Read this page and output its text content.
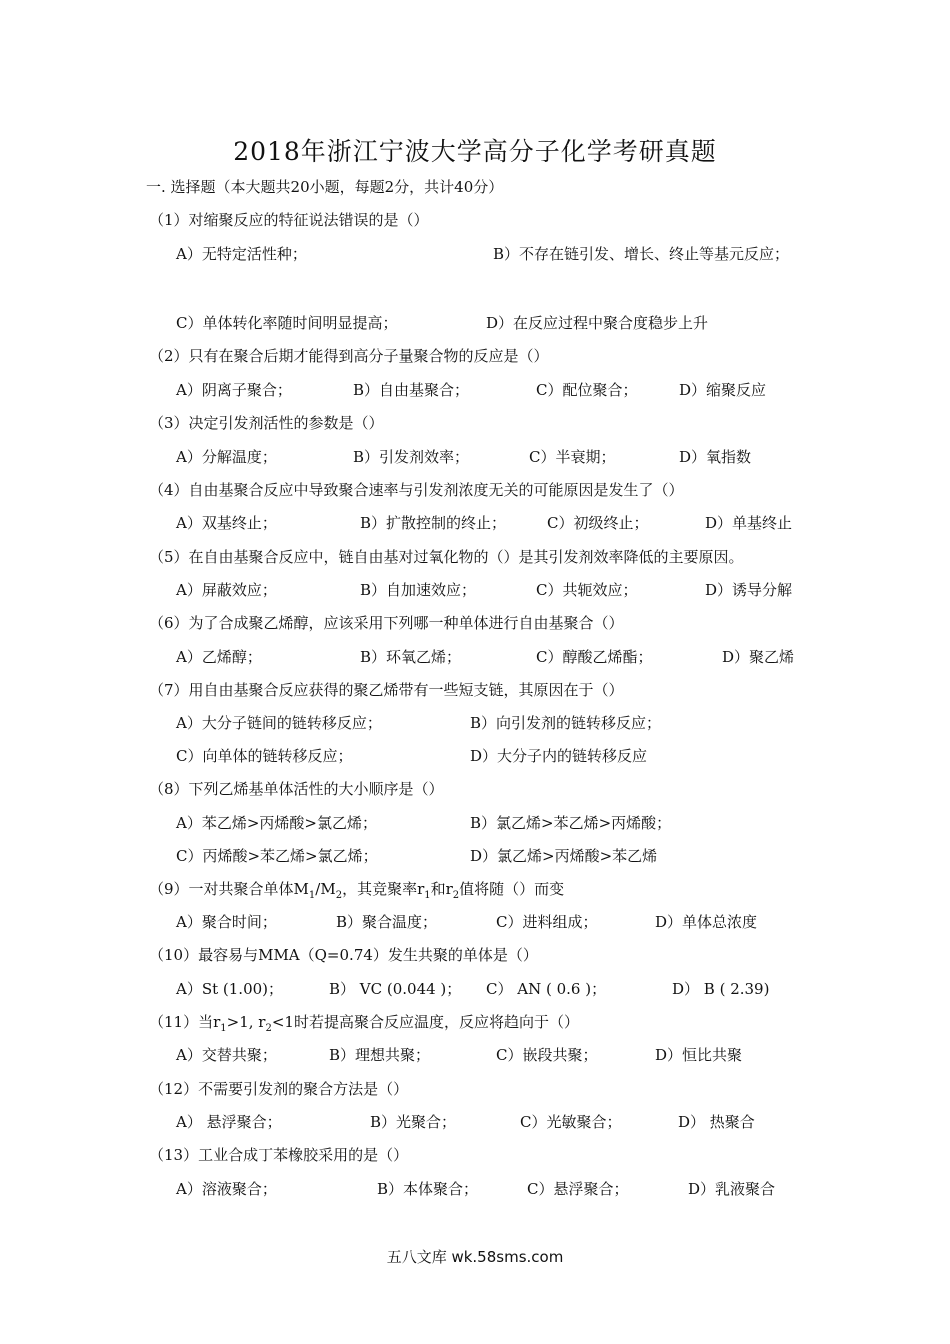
2018年浙江宁波大学高分子化学考研真题
一. 选择题（本大题共20小题，每题2分，共计40分）
（1）对缩聚反应的特征说法错误的是（）
A）无特定活性种；	B）不存在链引发、增长、终止等基元反应；
C）单体转化率随时间明显提高；	D）在反应过程中聚合度稳步上升
（2）只有在聚合后期才能得到高分子量聚合物的反应是（）
A）阴离子聚合；	B）自由基聚合；	C）配位聚合；	D）缩聚反应
（3）决定引发剂活性的参数是（）
A）分解温度；	B）引发剂效率；	C）半衰期；	D）氧指数
（4）自由基聚合反应中导致聚合速率与引发剂浓度无关的可能原因是发生了（）
A）双基终止；	B）扩散控制的终止；	C）初级终止；	D）单基终止
（5）在自由基聚合反应中，链自由基对过氧化物的（）是其引发剂效率降低的主要原因。
A）屏蔽效应；	B）自加速效应；	C）共轭效应；	D）诱导分解
（6）为了合成聚乙烯醇，应该采用下列哪一种单体进行自由基聚合（）
A）乙烯醇；	B）环氧乙烯；	C）醇酸乙烯酯；	D）聚乙烯
（7）用自由基聚合反应获得的聚乙烯带有一些短支链，其原因在于（）
A）大分子链间的链转移反应；	B）向引发剂的链转移反应；
C）向单体的链转移反应；	D）大分子内的链转移反应
（8）下列乙烯基单体活性的大小顺序是（）
A）苯乙烯>丙烯酸>氯乙烯；	B）氯乙烯>苯乙烯>丙烯酸；
C）丙烯酸>苯乙烯>氯乙烯；	D）氯乙烯>丙烯酸>苯乙烯
（9）一对共聚合单体$M_1/M_2$，其竞聚率$r_1$和$r_2$值将随（）而变
A）聚合时间；	B）聚合温度；	C）进料组成；	D）单体总浓度
（10）最容易与MMA（Q=0.74）发生共聚的单体是（）
A）St (1.00)；	B） VC (0.044 )； C） AN ( 0.6 )；	D） B ( 2.39)
（11）当$r_1>1$, $r_2<1$时若提高聚合反应温度，反应将趋向于（）
A）交替共聚；	B）理想共聚；	C）嵌段共聚；	D）恒比共聚
（12）不需要引发剂的聚合方法是（）
A） 悬浮聚合；	B）光聚合；	C）光敏聚合；	D） 热聚合
（13）工业合成丁苯橡胶采用的是（）
A）溶液聚合；	B）本体聚合；	C）悬浮聚合；	D）乳液聚合
五八文库 wk.58sms.com
